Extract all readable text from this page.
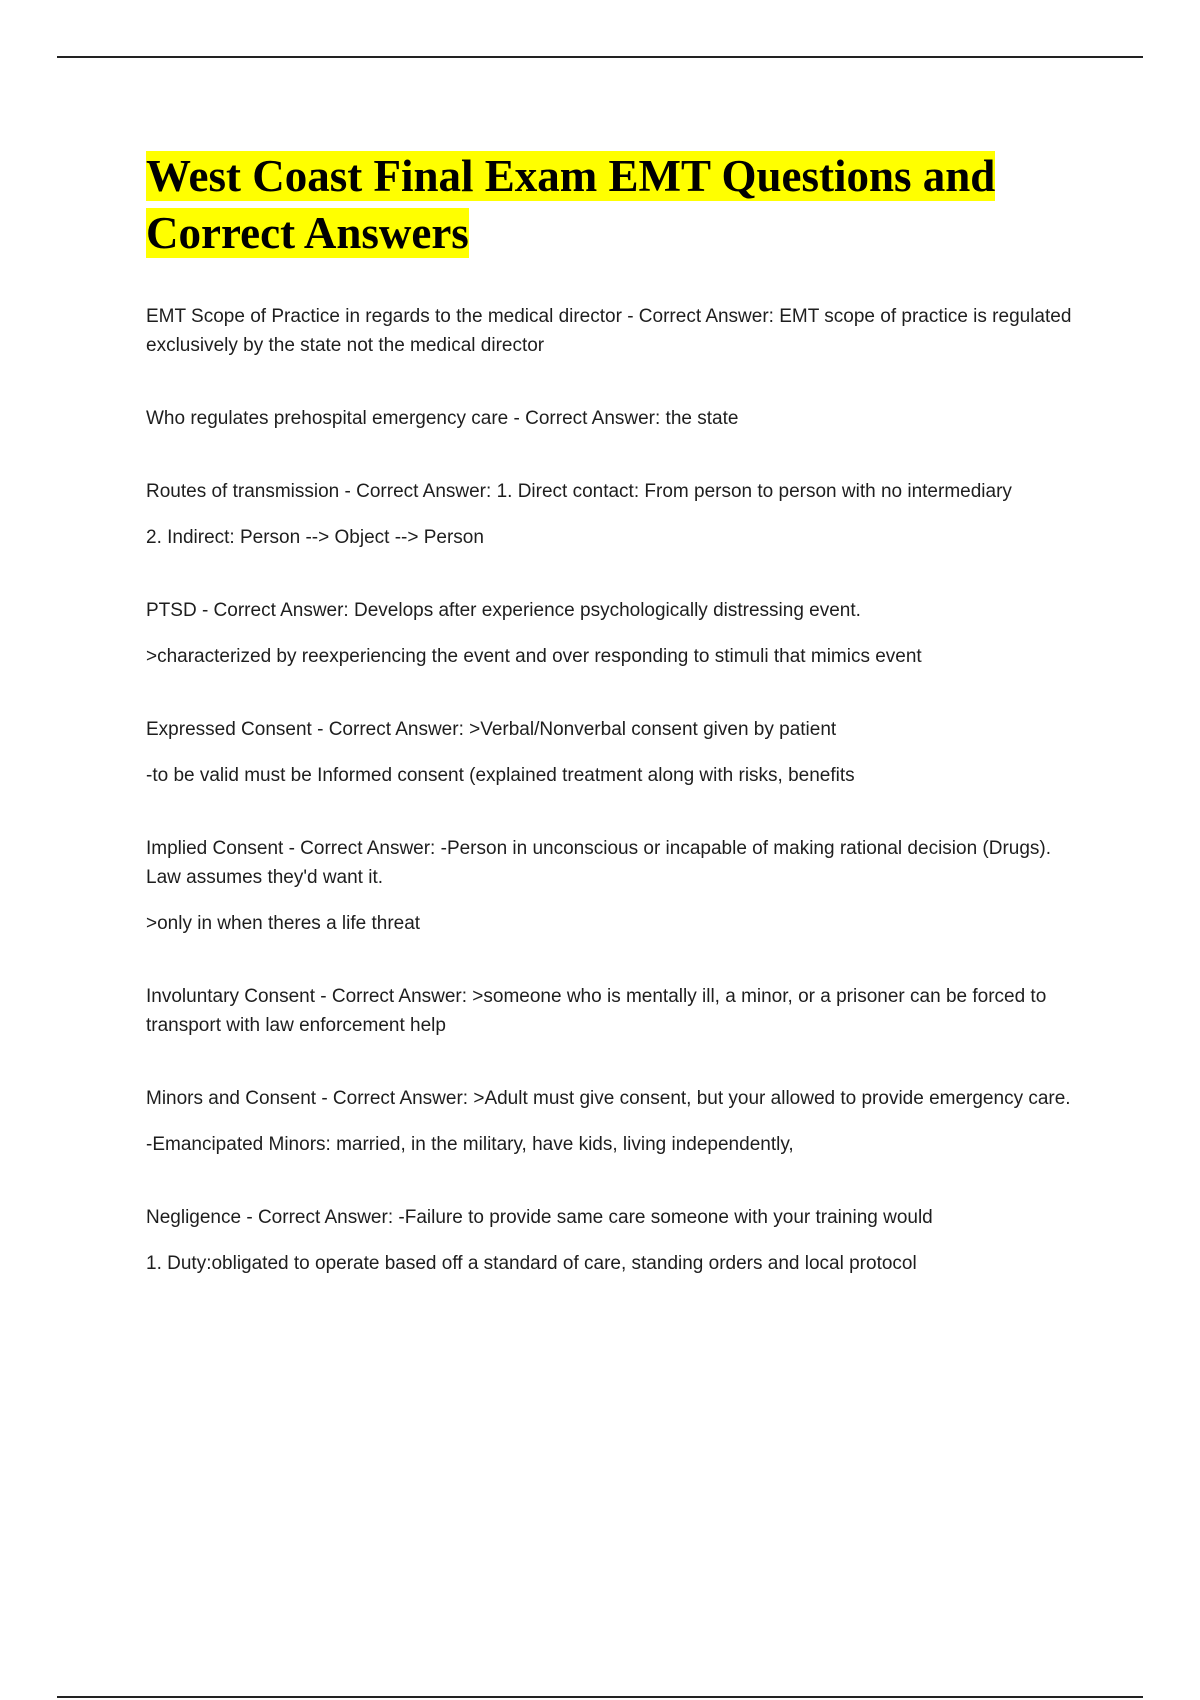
West Coast Final Exam EMT Questions and Correct Answers

EMT Scope of Practice in regards to the medical director - Correct Answer: EMT scope of practice is regulated exclusively by the state not the medical director

Who regulates prehospital emergency care - Correct Answer: the state

Routes of transmission - Correct Answer: 1. Direct contact: From person to person with no intermediary

2. Indirect: Person --> Object --> Person

PTSD - Correct Answer: Develops after experience psychologically distressing event.

>characterized by reexperiencing the event and over responding to stimuli that mimics event

Expressed Consent - Correct Answer: >Verbal/Nonverbal consent given by patient

-to be valid must be Informed consent (explained treatment along with risks, benefits

Implied Consent - Correct Answer: -Person in unconscious or incapable of making rational decision (Drugs). Law assumes they'd want it.

>only in when theres a life threat

Involuntary Consent - Correct Answer: >someone who is mentally ill, a minor, or a prisoner can be forced to transport with law enforcement help

Minors and Consent - Correct Answer: >Adult must give consent, but your allowed to provide emergency care.

-Emancipated Minors: married, in the military, have kids, living independently,

Negligence - Correct Answer: -Failure to provide same care someone with your training would

1. Duty:obligated to operate based off a standard of care, standing orders and local protocol
